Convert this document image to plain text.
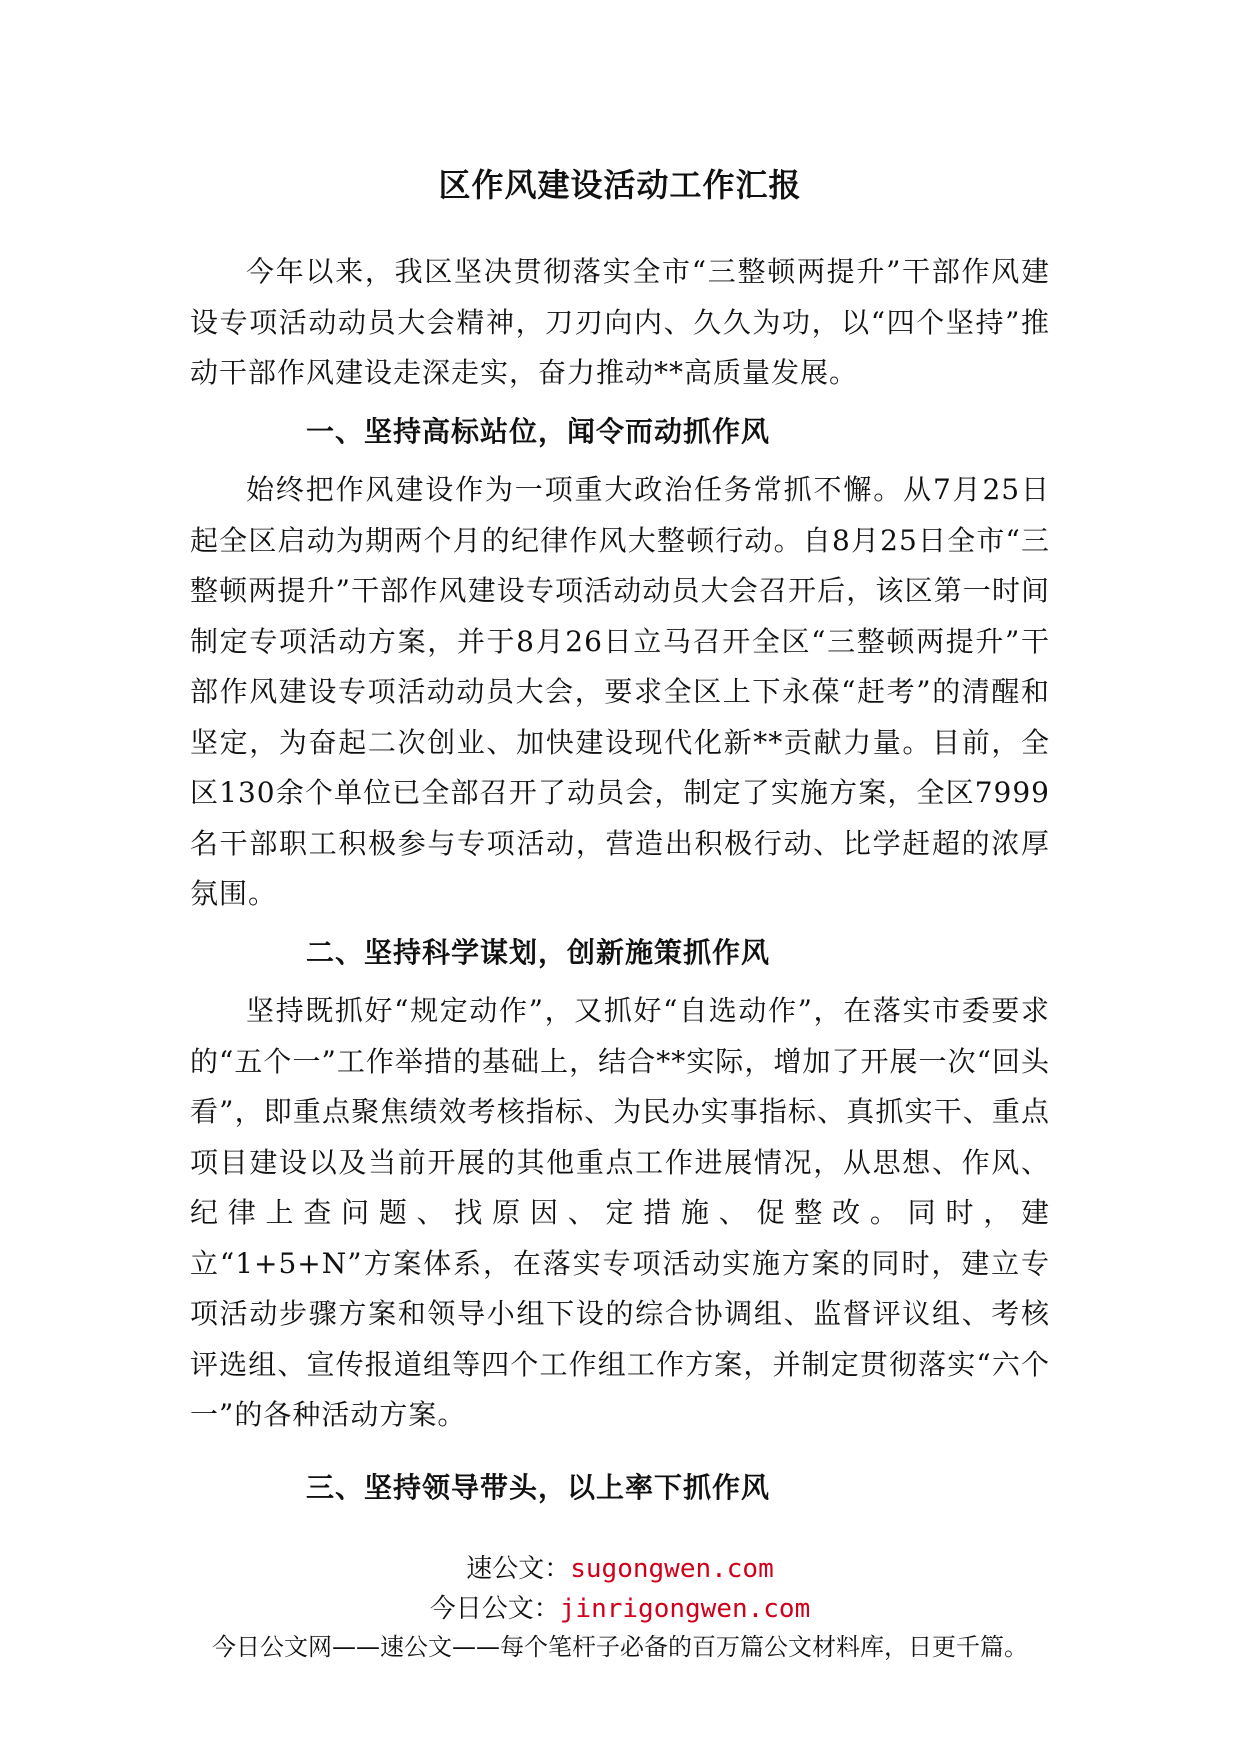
区作风建设活动工作汇报

今年以来，我区坚决贯彻落实全市“三整顿两提升”干部作风建设专项活动动员大会精神，刀刃向内、久久为功，以“四个坚持”推动干部作风建设走深走实，奋力推动**高质量发展。

一、坚持高标站位，闻令而动抓作风

始终把作风建设作为一项重大政治任务常抓不懈。从7月25日起全区启动为期两个月的纪律作风大整顿行动。自8月25日全市“三整顿两提升”干部作风建设专项活动动员大会召开后，该区第一时间制定专项活动方案，并于8月26日立马召开全区“三整顿两提升”干部作风建设专项活动动员大会，要求全区上下永葆“赶考”的清醒和坚定，为奋起二次创业、加快建设现代化新**贡献力量。目前，全区130余个单位已全部召开了动员会，制定了实施方案，全区7999名干部职工积极参与专项活动，营造出积极行动、比学赶超的浓厚氛围。

二、坚持科学谋划，创新施策抓作风

坚持既抓好“规定动作”，又抓好“自选动作”，在落实市委要求的“五个一”工作举措的基础上，结合**实际，增加了开展一次“回头看”，即重点聚焦绩效考核指标、为民办实事指标、真抓实干、重点项目建设以及当前开展的其他重点工作进展情况，从思想、作风、纪律上查问题、找原因、定措施、促整改。同时，建立“1+5+N”方案体系，在落实专项活动实施方案的同时，建立专项活动步骤方案和领导小组下设的综合协调组、监督评议组、考核评选组、宣传报道组等四个工作组工作方案，并制定贯彻落实“六个一”的各种活动方案。

三、坚持领导带头，以上率下抓作风

速公文：sugongwen.com
今日公文：jinrigongwen.com
今日公文网——速公文——每个笔杆子必备的百万篇公文材料库，日更千篇。
